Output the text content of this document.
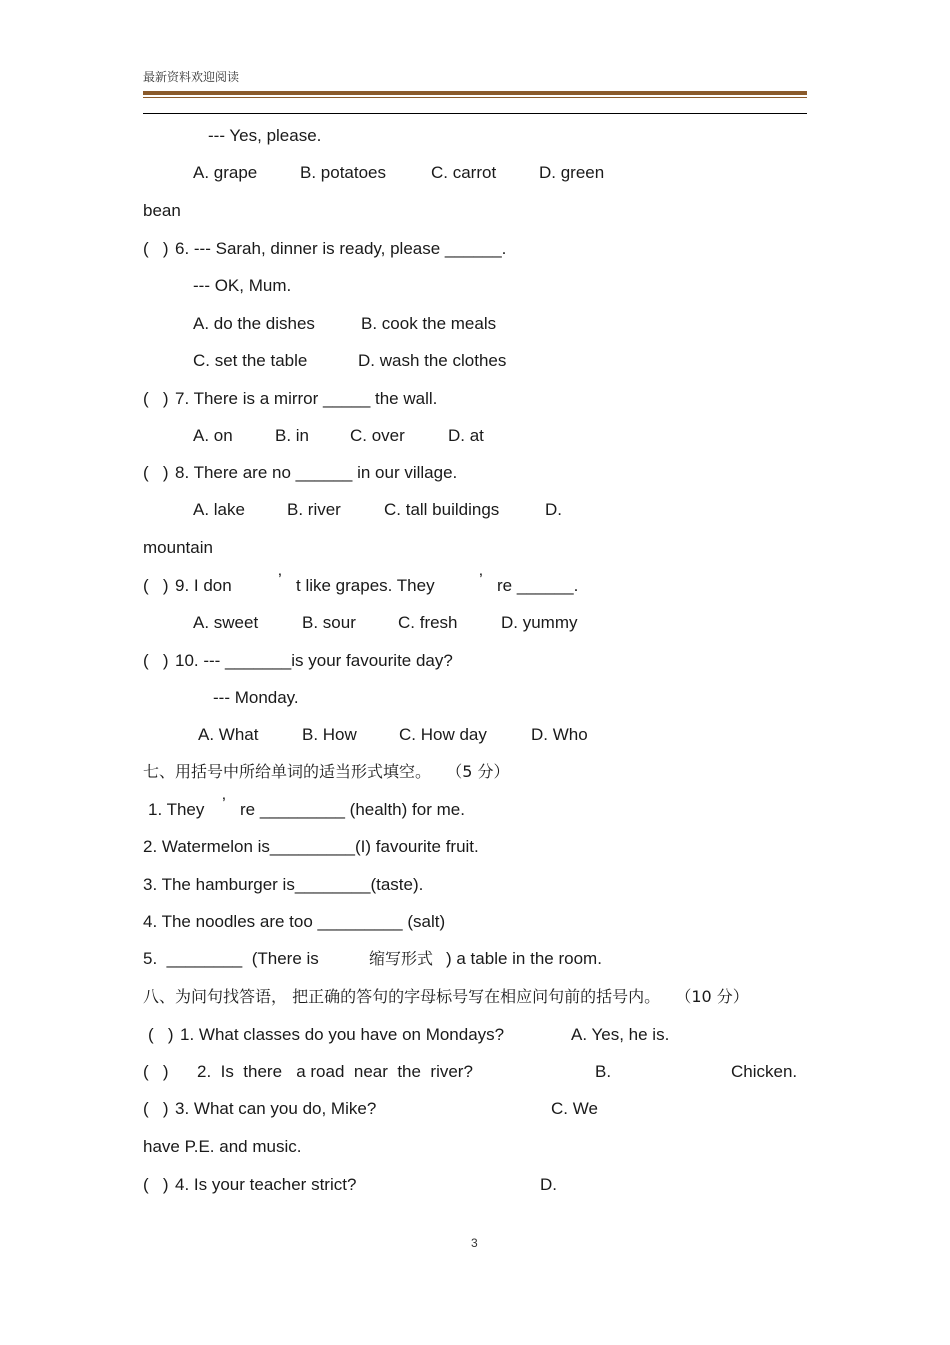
最新资料欢迎阅读
--- Yes, please.
A. grape	B. potatoes	C. carrot	D. green
bean
(   ) 6. --- Sarah, dinner is ready, please ______.
--- OK, Mum.
A. do the dishes	B. cook the meals
C. set the table	D. wash the clothes
(   ) 7. There is a mirror _____ the wall.
A. on B. in C. over	D. at
(   ) 8. There are no ______ in our village.
A. lake B. river	C. tall buildings	D.
mountain
(   ) 9. I don	’ t like grapes. They	’ re ______.
A. sweet	B. sour C. fresh	D. yummy
(   ) 10. --- _______is your favourite day?
--- Monday.
A. What	B. How C. How day	D. Who
七、用括号中所给单词的适当形式填空。   （5 分）
1. They ’ re _________ (health) for me.
2. Watermelon is_________(I) favourite fruit.
3. The hamburger is________(taste).
4. The noodles are too _________ (salt)
5.  ________  (There is	缩写形式 ) a table in the room.
八、为问句找答语， 把正确的答句的字母标号写在相应问句前的括号内。   （10 分）
(   ) 1. What classes do you have on Mondays?	A. Yes, he is.
(   ) 2.  Is  there   a road  near  the  river?	B.	Chicken.
(   ) 3. What can you do, Mike?	C. We
have P.E. and music.
(   ) 4. Is your teacher strict?	D.
3
